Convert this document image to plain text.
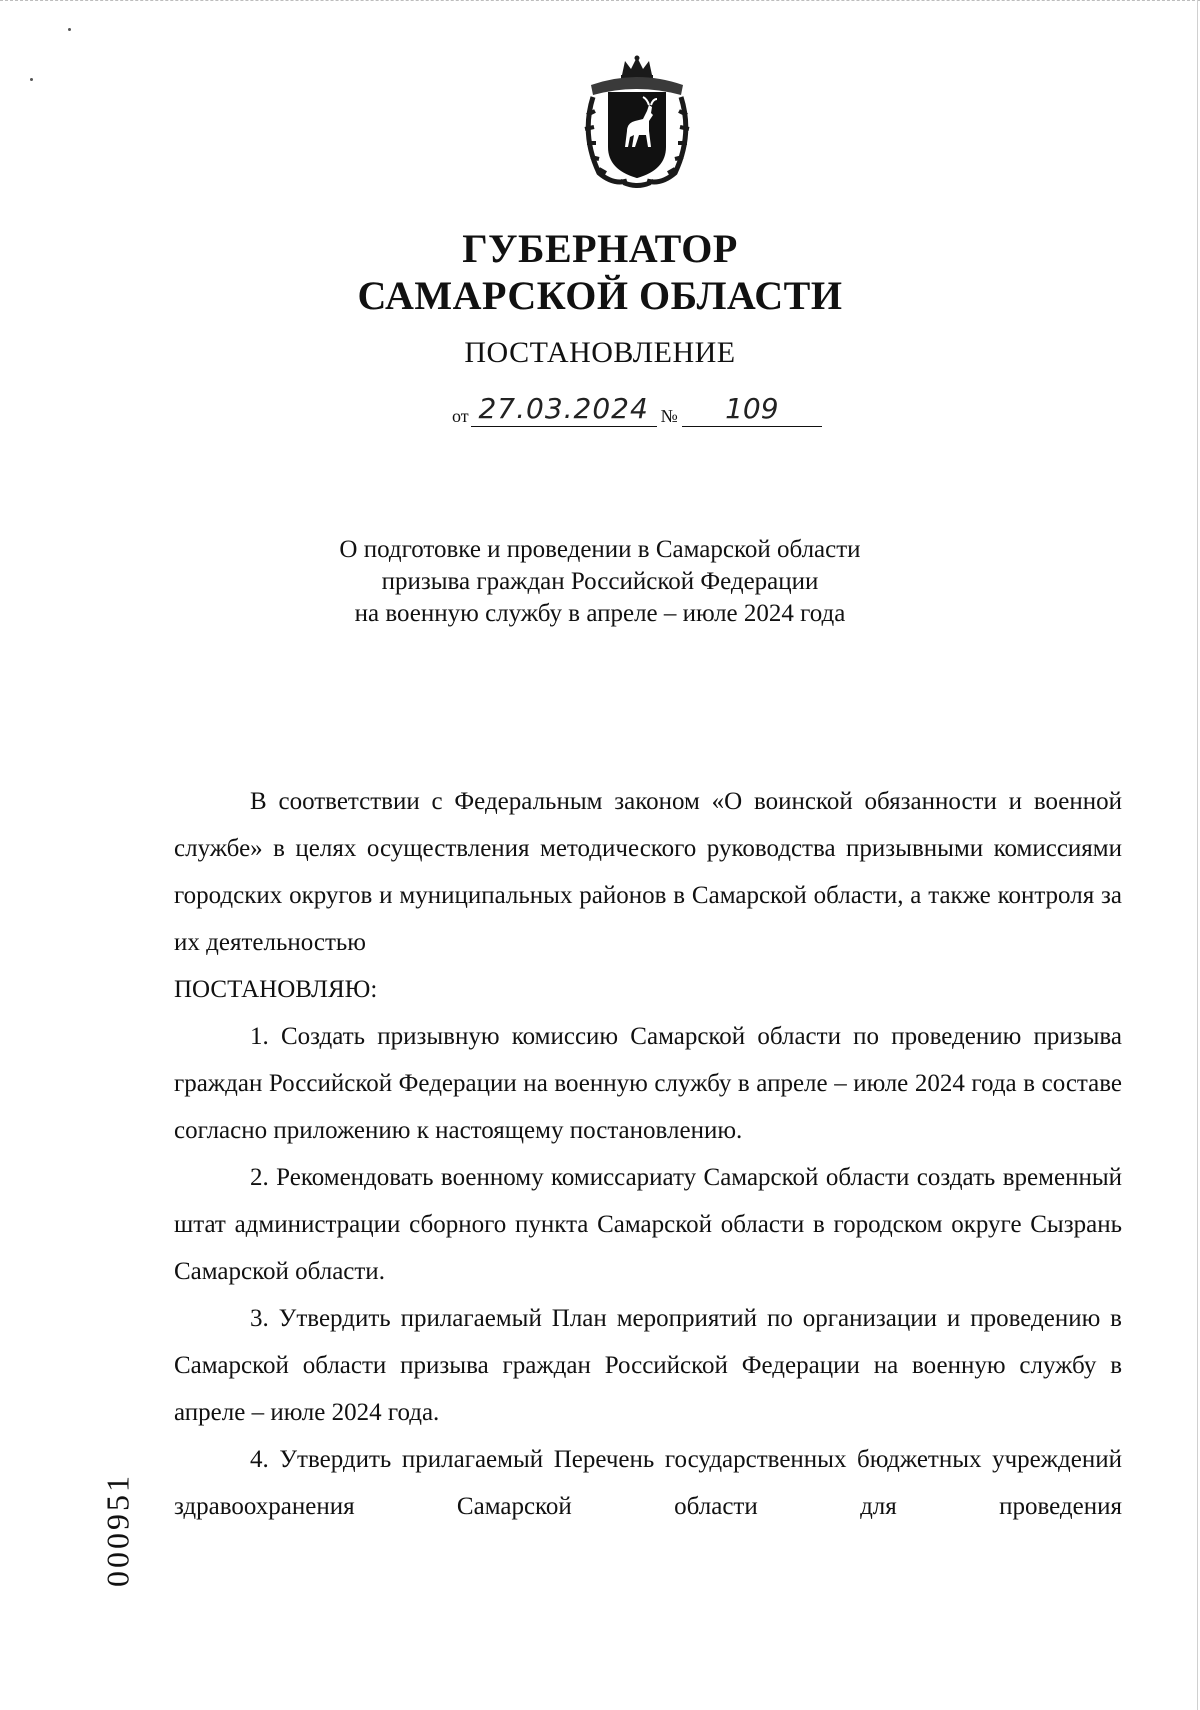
ГУБЕРНАТОР
САМАРСКОЙ ОБЛАСТИ
ПОСТАНОВЛЕНИЕ
от 27.03.2024 № 109
О подготовке и проведении в Самарской области
призыва граждан Российской Федерации
на военную службу в апреле – июле 2024 года

В соответствии с Федеральным законом «О воинской обязанности и военной службе» в целях осуществления методического руководства призывными комиссиями городских округов и муниципальных районов в Самарской области, а также контроля за их деятельностью

ПОСТАНОВЛЯЮ:

1. Создать призывную комиссию Самарской области по проведению призыва граждан Российской Федерации на военную службу в апреле – июле 2024 года в составе согласно приложению к настоящему постановлению.

2. Рекомендовать военному комиссариату Самарской области создать временный штат администрации сборного пункта Самарской области в городском округе Сызрань Самарской области.

3. Утвердить прилагаемый План мероприятий по организации и проведению в Самарской области призыва граждан Российской Федерации на военную службу в апреле – июле 2024 года.

4. Утвердить прилагаемый Перечень государственных бюджетных учреждений здравоохранения Самарской области для проведения

000951
